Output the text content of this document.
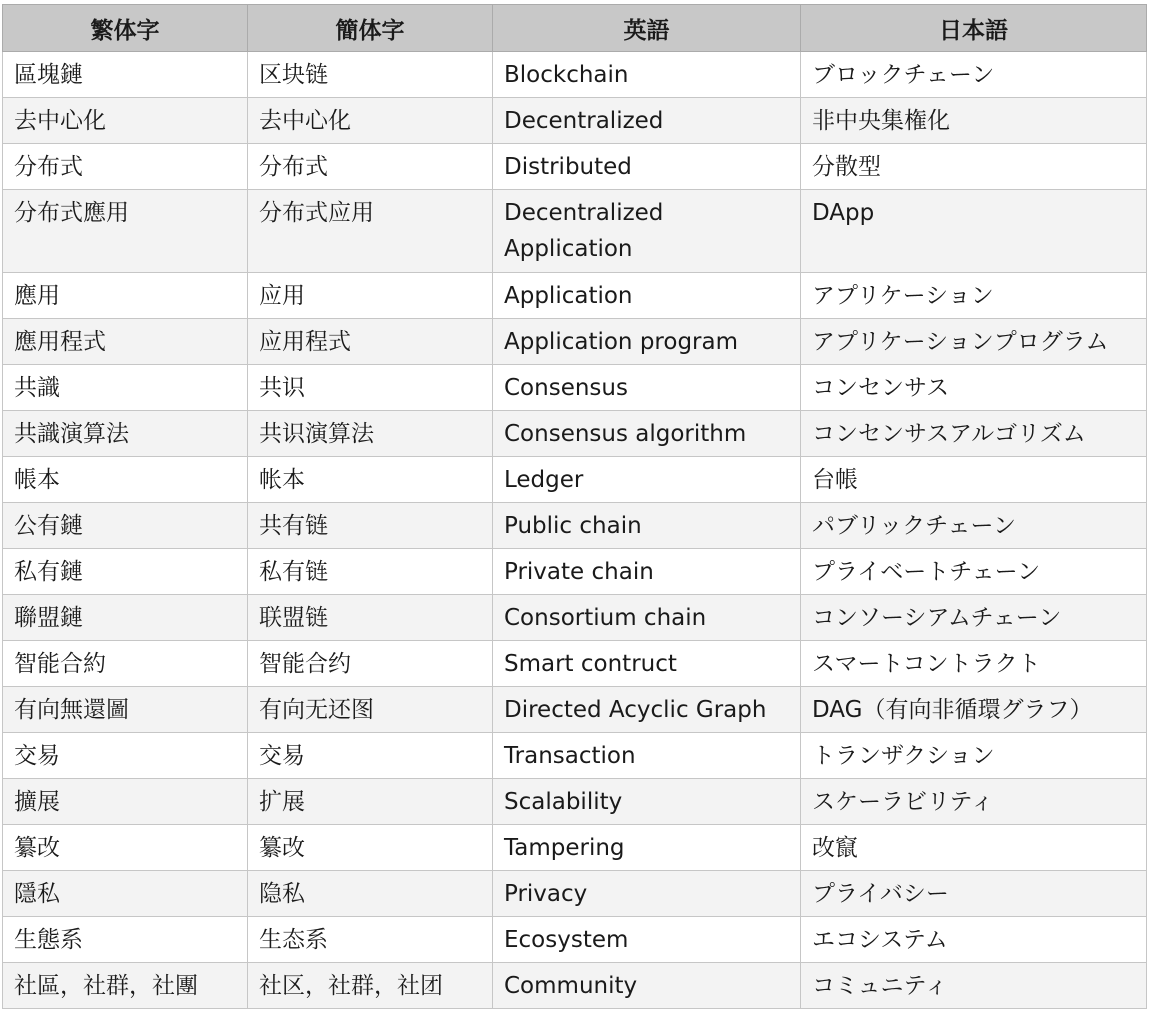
繁体字	簡体字	英語	日本語
區塊鏈	区块链	Blockchain	ブロックチェーン
去中心化	去中心化	Decentralized	非中央集権化
分布式	分布式	Distributed	分散型
分布式應用	分布式应用	Decentralized Application	DApp
應用	应用	Application	アプリケーション
應用程式	应用程式	Application program	アプリケーションプログラム
共識	共识	Consensus	コンセンサス
共識演算法	共识演算法	Consensus algorithm	コンセンサスアルゴリズム
帳本	帐本	Ledger	台帳
公有鏈	共有链	Public chain	パブリックチェーン
私有鏈	私有链	Private chain	プライベートチェーン
聯盟鏈	联盟链	Consortium chain	コンソーシアムチェーン
智能合約	智能合约	Smart contruct	スマートコントラクト
有向無還圖	有向无还图	Directed Acyclic Graph	DAG（有向非循環グラフ）
交易	交易	Transaction	トランザクション
擴展	扩展	Scalability	スケーラビリティ
纂改	纂改	Tampering	改竄
隱私	隐私	Privacy	プライバシー
生態系	生态系	Ecosystem	エコシステム
社區，社群，社團	社区，社群，社团	Community	コミュニティ
